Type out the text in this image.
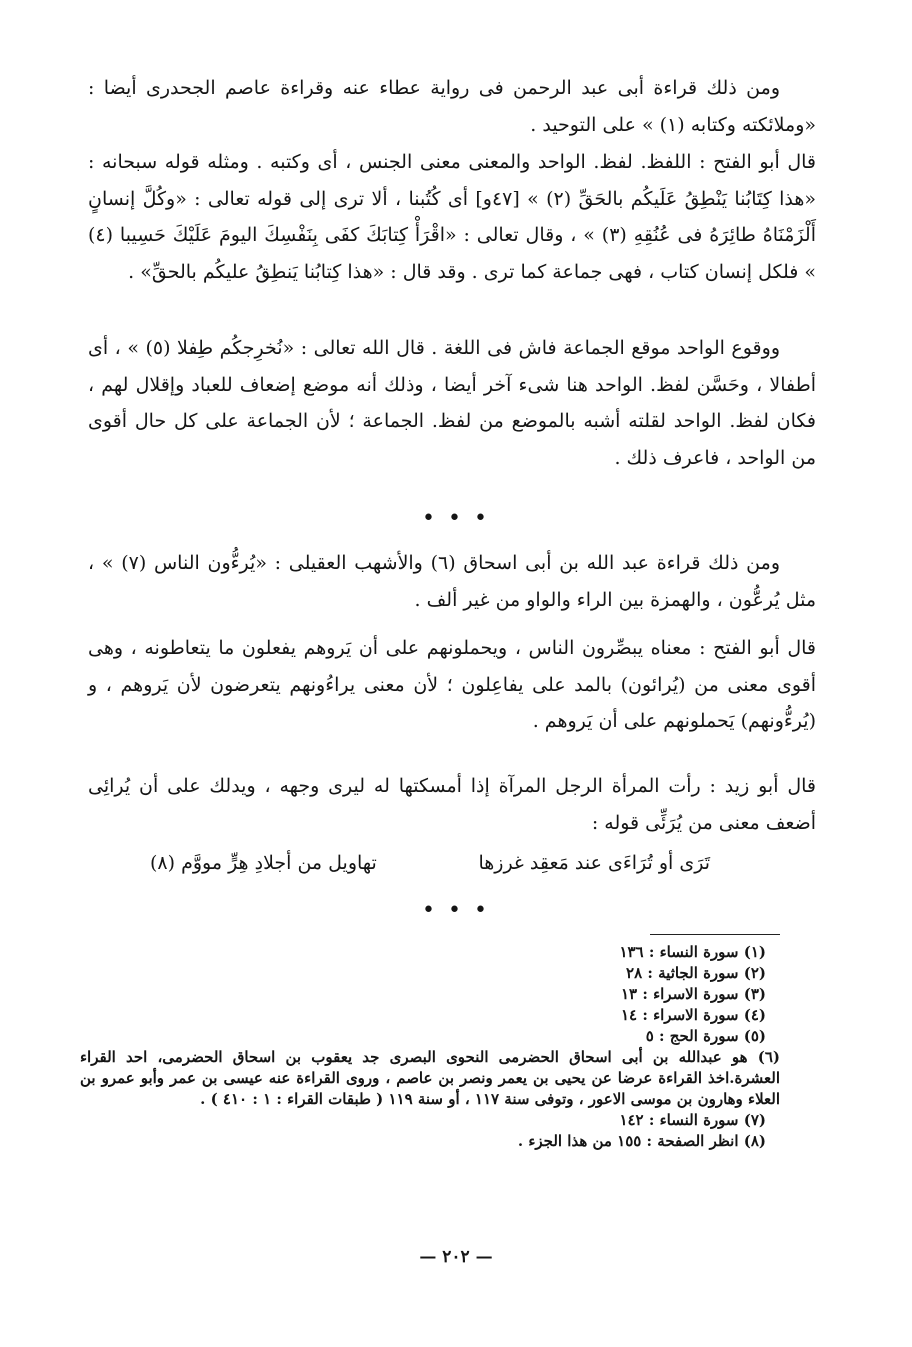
ومن ذلك قراءة أبى عبد الرحمن فى رواية عطاء عنه وقراءة عاصم الجحدرى أيضا : «وملائكته وكتابه (١) » على التوحيد .

قال أبو الفتح : اللفظ. لفظ. الواحد والمعنى معنى الجنس ، أى وكتبه . ومثله قوله سبحانه : «هذا كِتَابُنا يَنْطِقُ عَلَيكُم بالحَقِّ (٢) » [٤٧و] أى كُتُبنا ، ألا ترى إلى قوله تعالى : «وكُلَّ إنسانٍ أَلْزَمْنَاهُ طائِرَهُ فى عُنُقِهِ (٣) » ، وقال تعالى : «اقْرَأْ كِتابَكَ كفَى بِنَفْسِكَ اليومَ عَلَيْكَ حَسِيبا (٤) » فلكل إنسان كتاب ، فهى جماعة كما ترى . وقد قال : «هذا كِتابُنا يَنطِقُ عليكُم بالحقِّ» .

ووقوع الواحد موقع الجماعة فاش فى اللغة . قال الله تعالى : «نُخرِجكُم طِفلا (٥) » ، أى أطفالا ، وحَسَّن لفظ. الواحد هنا شىء آخر أيضا ، وذلك أنه موضع إضعاف للعباد وإقلال لهم ، فكان لفظ. الواحد لقلته أشبه بالموضع من لفظ. الجماعة ؛ لأن الجماعة على كل حال أقوى من الواحد ، فاعرف ذلك .

• • •

ومن ذلك قراءة عبد الله بن أبى اسحاق (٦) والأشهب العقيلى : «يُرءُّون الناس (٧) » ، مثل يُرعُّون ، والهمزة بين الراء والواو من غير ألف .

قال أبو الفتح : معناه يبصِّرون الناس ، ويحملونهم على أن يَروهم يفعلون ما يتعاطونه ، وهى أقوى معنى من (يُرائون) بالمد على يفاعِلون ؛ لأن معنى يراءُونهم يتعرضون لأن يَروهم ، و (يُرءُّونهم) يَحملونهم على أن يَروهم .

قال أبو زيد : رأت المرأة الرجل المرآة إذا أمسكتها له ليرى وجهه ، ويدلك على أن يُرائِى أضعف معنى من يُرَئِّى قوله :

تَرَى أو تُرَاءَى عند مَعقِد غرزها
تهاويل من أجلادِ هِرٍّ مووَّم (٨)
• • •
(١) سورة النساء : ١٣٦
(٢) سورة الجاثية : ٢٨
(٣) سورة الاسراء : ١٣
(٤) سورة الاسراء : ١٤
(٥) سورة الحج : ٥
(٦) هو عبدالله بن أبى اسحاق الحضرمى النحوى البصرى جد يعقوب بن اسحاق الحضرمى، احد القراء العشرة.اخذ القراءة عرضا عن يحيى بن يعمر ونصر بن عاصم ، وروى القراءة عنه عيسى بن عمر وأبو عمرو بن العلاء وهارون بن موسى الاعور ، وتوفى سنة ١١٧ ، أو سنة ١١٩ ( طبقات القراء : ١ : ٤١٠ ) .
(٧) سورة النساء : ١٤٢
(٨) انظر الصفحة : ١٥٥ من هذا الجزء .
— ٢٠٢ —
